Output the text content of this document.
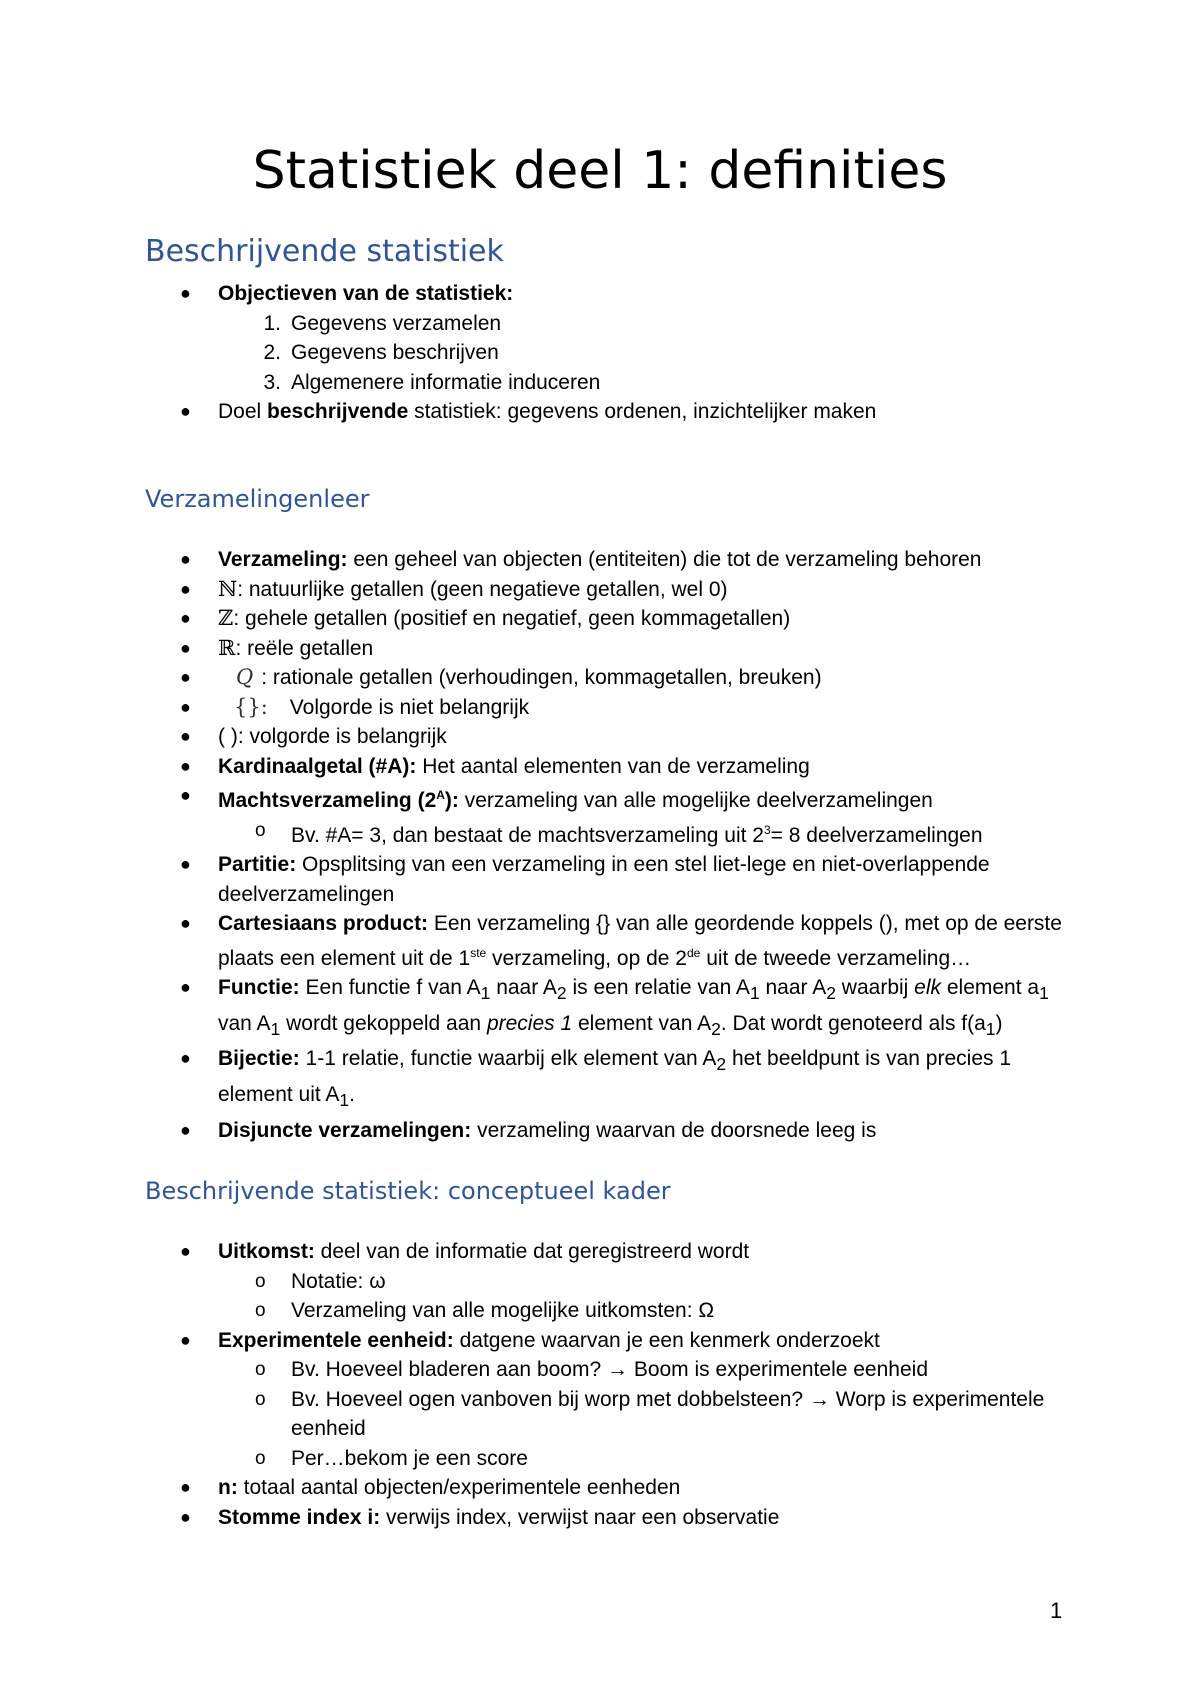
Statistiek deel 1: definities
Beschrijvende statistiek
●	Objectieven van de statistiek:
1. Gegevens verzamelen
2. Gegevens beschrijven
3. Algemenere informatie induceren
●	Doel beschrijvende statistiek: gegevens ordenen, inzichtelijker maken
Verzamelingenleer
●	Verzameling: een geheel van objecten (entiteiten) die tot de verzameling behoren
●	ℕ: natuurlijke getallen (geen negatieve getallen, wel 0)
●	ℤ: gehele getallen (positief en negatief, geen kommagetallen)
●	ℝ: reële getallen
●	Q : rationale getallen (verhoudingen, kommagetallen, breuken)
●	{}: Volgorde is niet belangrijk
●	( ): volgorde is belangrijk
●	Kardinaalgetal (#A): Het aantal elementen van de verzameling
●	Machtsverzameling $(2^A)$: verzameling van alle mogelijke deelverzamelingen
o Bv. #A= 3, dan bestaat de machtsverzameling uit $2^3= 8$ deelverzamelingen
●	Partitie: Opsplitsing van een verzameling in een stel liet-lege en niet-overlappende deelverzamelingen
●	Cartesiaans product: Een verzameling {} van alle geordende koppels (), met op de eerste plaats een element uit de 1ste verzameling, op de 2de uit de tweede verzameling…
●	Functie: Een functie f van $A_1$ naar $A_2$ is een relatie van $A_1$ naar $A_2$ waarbij elk element $a_1$ van $A_1$ wordt gekoppeld aan precies 1 element van $A_2$. Dat wordt genoteerd als $f(a_1)$
●	Bijectie: 1-1 relatie, functie waarbij elk element van $A_2$ het beeldpunt is van precies 1 element uit $A_1$.
●	Disjuncte verzamelingen: verzameling waarvan de doorsnede leeg is
Beschrijvende statistiek: conceptueel kader
●	Uitkomst: deel van de informatie dat geregistreerd wordt
o Notatie: ω
o Verzameling van alle mogelijke uitkomsten: Ω
●	Experimentele eenheid: datgene waarvan je een kenmerk onderzoekt
o Bv. Hoeveel bladeren aan boom? → Boom is experimentele eenheid
o Bv. Hoeveel ogen vanboven bij worp met dobbelsteen? → Worp is experimentele eenheid
o Per…bekom je een score
●	n: totaal aantal objecten/experimentele eenheden
●	Stomme index i: verwijs index, verwijst naar een observatie
1
